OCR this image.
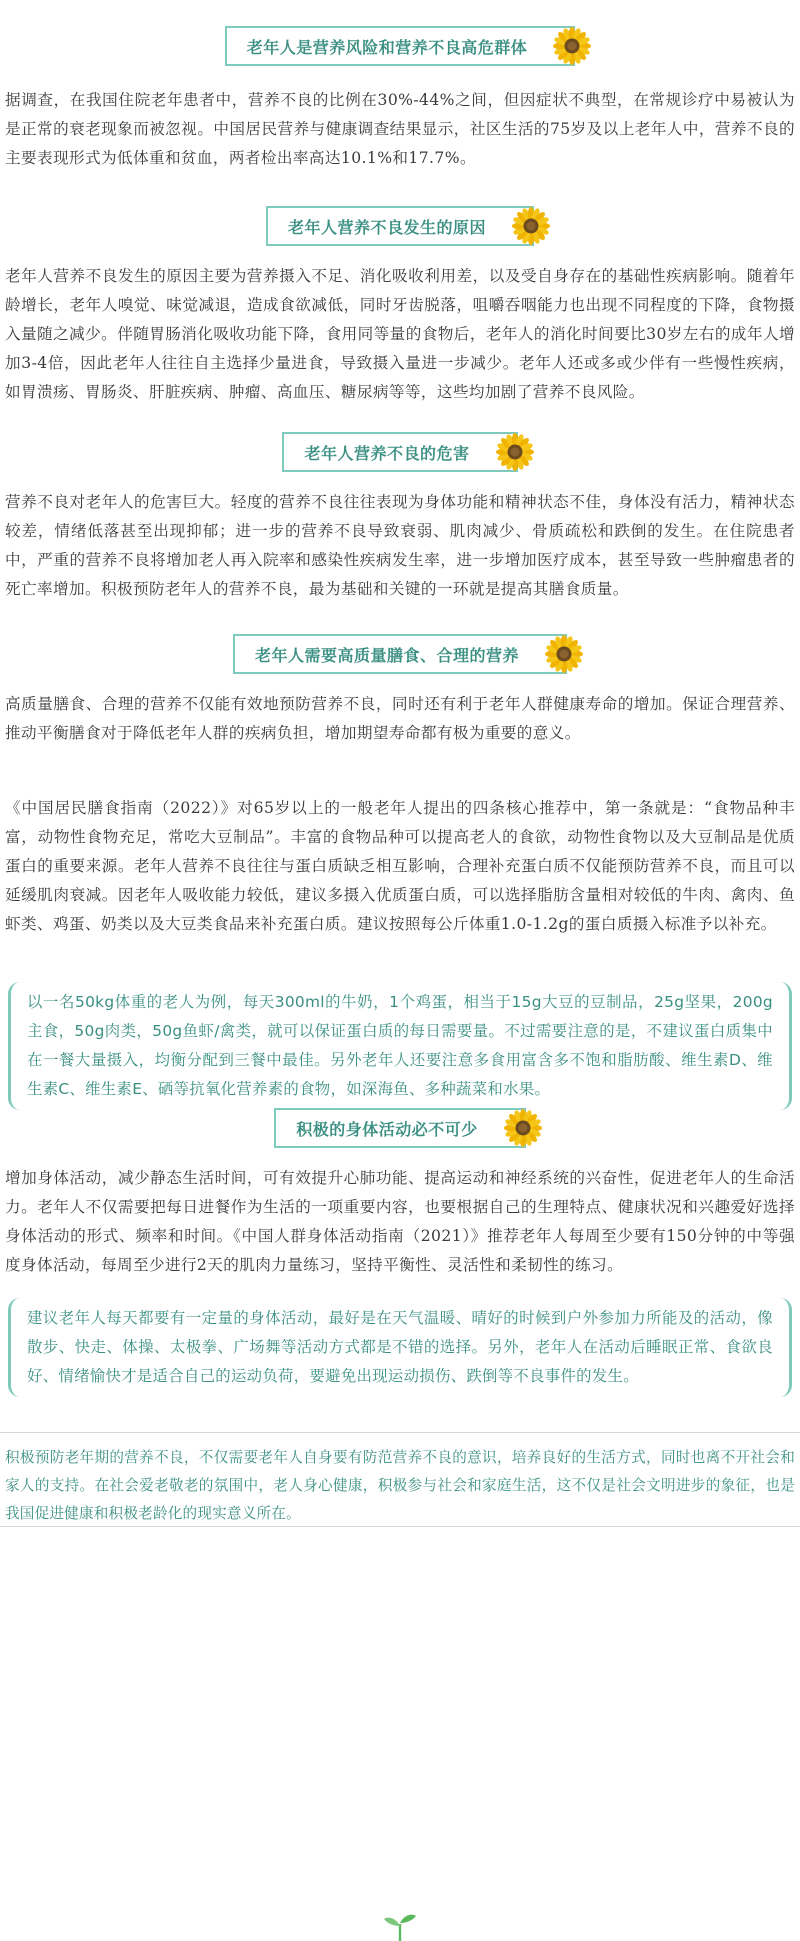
老年人是营养风险和营养不良高危群体

据调查，在我国住院老年患者中，营养不良的比例在30%-44%之间，但因症状不典型，在常规诊疗中易被认为是正常的衰老现象而被忽视。中国居民营养与健康调查结果显示，社区生活的75岁及以上老年人中，营养不良的主要表现形式为低体重和贫血，两者检出率高达10.1%和17.7%。

老年人营养不良发生的原因

老年人营养不良发生的原因主要为营养摄入不足、消化吸收利用差，以及受自身存在的基础性疾病影响。随着年龄增长，老年人嗅觉、味觉减退，造成食欲减低，同时牙齿脱落，咀嚼吞咽能力也出现不同程度的下降，食物摄入量随之减少。伴随胃肠消化吸收功能下降，食用同等量的食物后，老年人的消化时间要比30岁左右的成年人增加3-4倍，因此老年人往往自主选择少量进食，导致摄入量进一步减少。老年人还或多或少伴有一些慢性疾病，如胃溃疡、胃肠炎、肝脏疾病、肿瘤、高血压、糖尿病等等，这些均加剧了营养不良风险。

老年人营养不良的危害

营养不良对老年人的危害巨大。轻度的营养不良往往表现为身体功能和精神状态不佳，身体没有活力，精神状态较差，情绪低落甚至出现抑郁；进一步的营养不良导致衰弱、肌肉减少、骨质疏松和跌倒的发生。在住院患者中，严重的营养不良将增加老人再入院率和感染性疾病发生率，进一步增加医疗成本，甚至导致一些肿瘤患者的死亡率增加。积极预防老年人的营养不良，最为基础和关键的一环就是提高其膳食质量。

老年人需要高质量膳食、合理的营养

高质量膳食、合理的营养不仅能有效地预防营养不良，同时还有利于老年人群健康寿命的增加。保证合理营养、推动平衡膳食对于降低老年人群的疾病负担，增加期望寿命都有极为重要的意义。

《中国居民膳食指南（2022）》对65岁以上的一般老年人提出的四条核心推荐中，第一条就是：“食物品种丰富，动物性食物充足，常吃大豆制品”。丰富的食物品种可以提高老人的食欲，动物性食物以及大豆制品是优质蛋白的重要来源。老年人营养不良往往与蛋白质缺乏相互影响，合理补充蛋白质不仅能预防营养不良，而且可以延缓肌肉衰减。因老年人吸收能力较低，建议多摄入优质蛋白质，可以选择脂肪含量相对较低的牛肉、禽肉、鱼虾类、鸡蛋、奶类以及大豆类食品来补充蛋白质。建议按照每公斤体重1.0-1.2g的蛋白质摄入标准予以补充。

以一名50kg体重的老人为例，每天300ml的牛奶，1个鸡蛋，相当于15g大豆的豆制品，25g坚果，200g主食，50g肉类，50g鱼虾/禽类，就可以保证蛋白质的每日需要量。不过需要注意的是，不建议蛋白质集中在一餐大量摄入，均衡分配到三餐中最佳。另外老年人还要注意多食用富含多不饱和脂肪酸、维生素D、维生素C、维生素E、硒等抗氧化营养素的食物，如深海鱼、多种蔬菜和水果。
积极的身体活动必不可少

增加身体活动，减少静态生活时间，可有效提升心肺功能、提高运动和神经系统的兴奋性，促进老年人的生命活力。老年人不仅需要把每日进餐作为生活的一项重要内容，也要根据自己的生理特点、健康状况和兴趣爱好选择身体活动的形式、频率和时间。《中国人群身体活动指南（2021）》推荐老年人每周至少要有150分钟的中等强度身体活动，每周至少进行2天的肌肉力量练习，坚持平衡性、灵活性和柔韧性的练习。

建议老年人每天都要有一定量的身体活动，最好是在天气温暖、晴好的时候到户外参加力所能及的活动，像散步、快走、体操、太极拳、广场舞等活动方式都是不错的选择。另外，老年人在活动后睡眠正常、食欲良好、情绪愉快才是适合自己的运动负荷，要避免出现运动损伤、跌倒等不良事件的发生。

积极预防老年期的营养不良，不仅需要老年人自身要有防范营养不良的意识，培养良好的生活方式，同时也离不开社会和家人的支持。在社会爱老敬老的氛围中，老人身心健康，积极参与社会和家庭生活，这不仅是社会文明进步的象征，也是我国促进健康和积极老龄化的现实意义所在。
